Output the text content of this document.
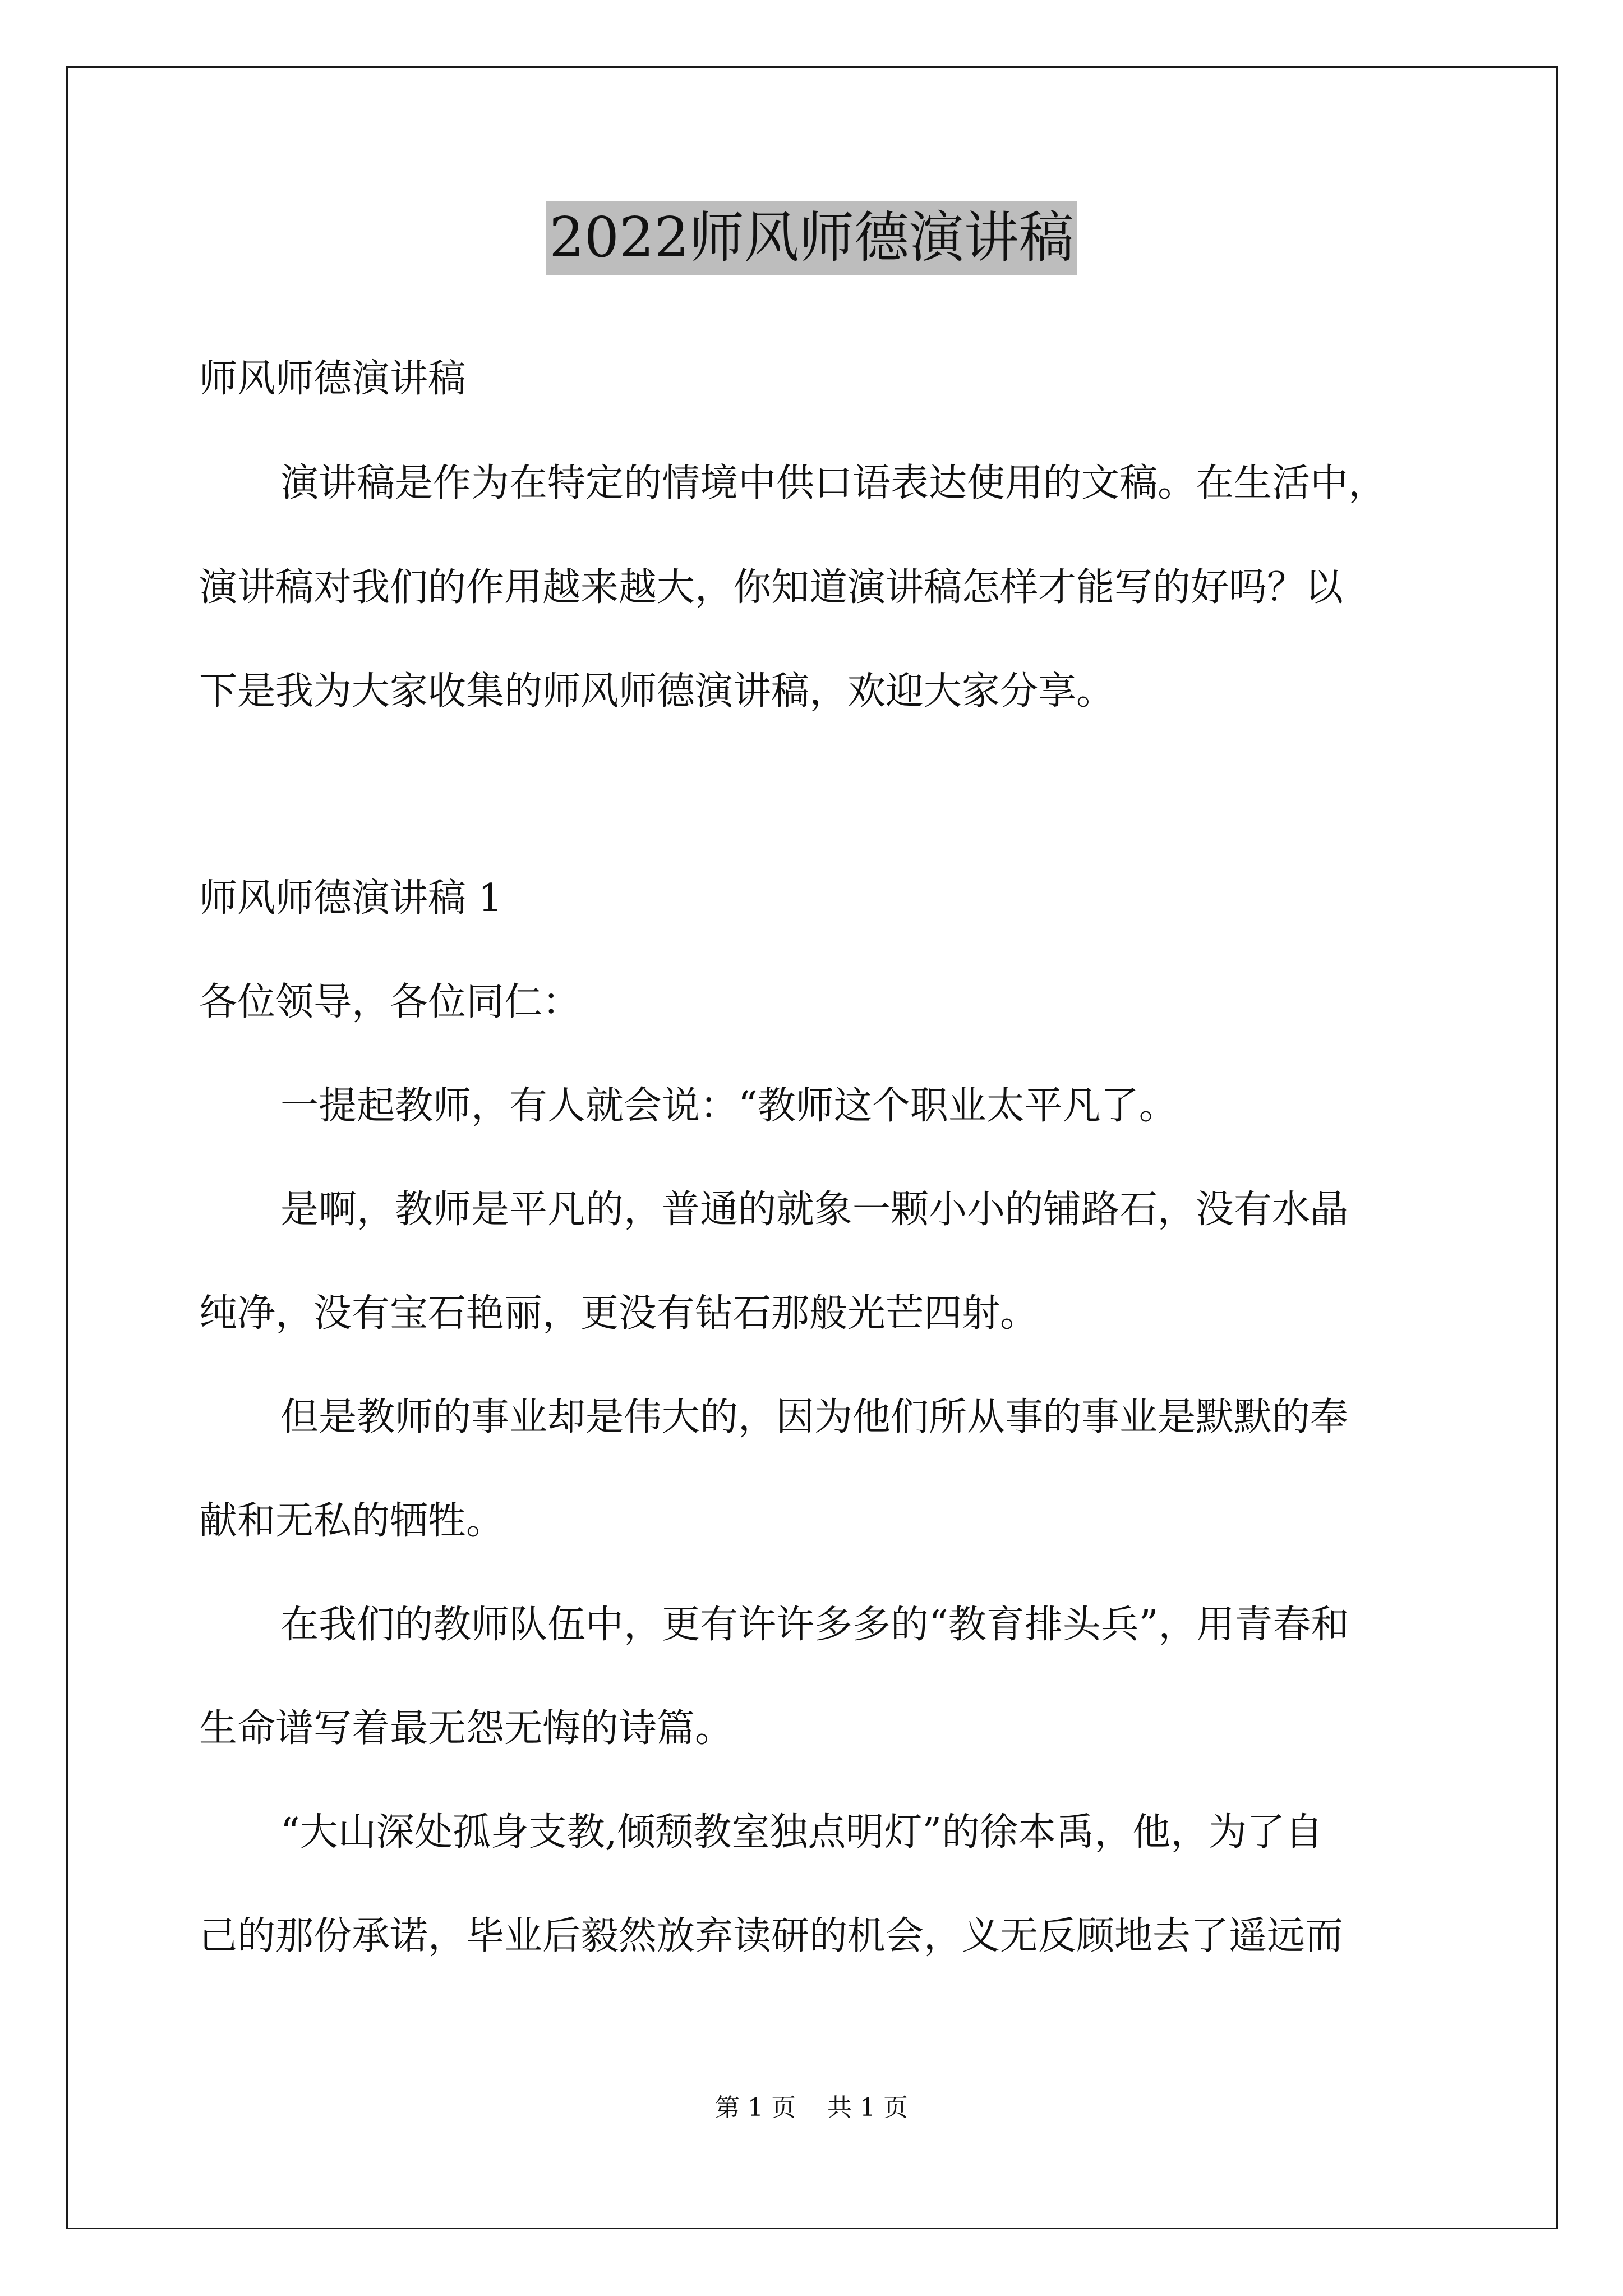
2022师风师德演讲稿
师风师德演讲稿
演讲稿是作为在特定的情境中供口语表达使用的文稿。在生活中，
演讲稿对我们的作用越来越大，你知道演讲稿怎样才能写的好吗？以
下是我为大家收集的师风师德演讲稿，欢迎大家分享。
师风师德演讲稿 1
各位领导，各位同仁：
一提起教师，有人就会说：“教师这个职业太平凡了。
是啊，教师是平凡的，普通的就象一颗小小的铺路石，没有水晶
纯净，没有宝石艳丽，更没有钻石那般光芒四射。
但是教师的事业却是伟大的，因为他们所从事的事业是默默的奉
献和无私的牺牲。
在我们的教师队伍中，更有许许多多的“教育排头兵”，用青春和
生命谱写着最无怨无悔的诗篇。
“大山深处孤身支教,倾颓教室独点明灯”的徐本禹，他，为了自
己的那份承诺，毕业后毅然放弃读研的机会，义无反顾地去了遥远而
第 1 页 共 1 页
